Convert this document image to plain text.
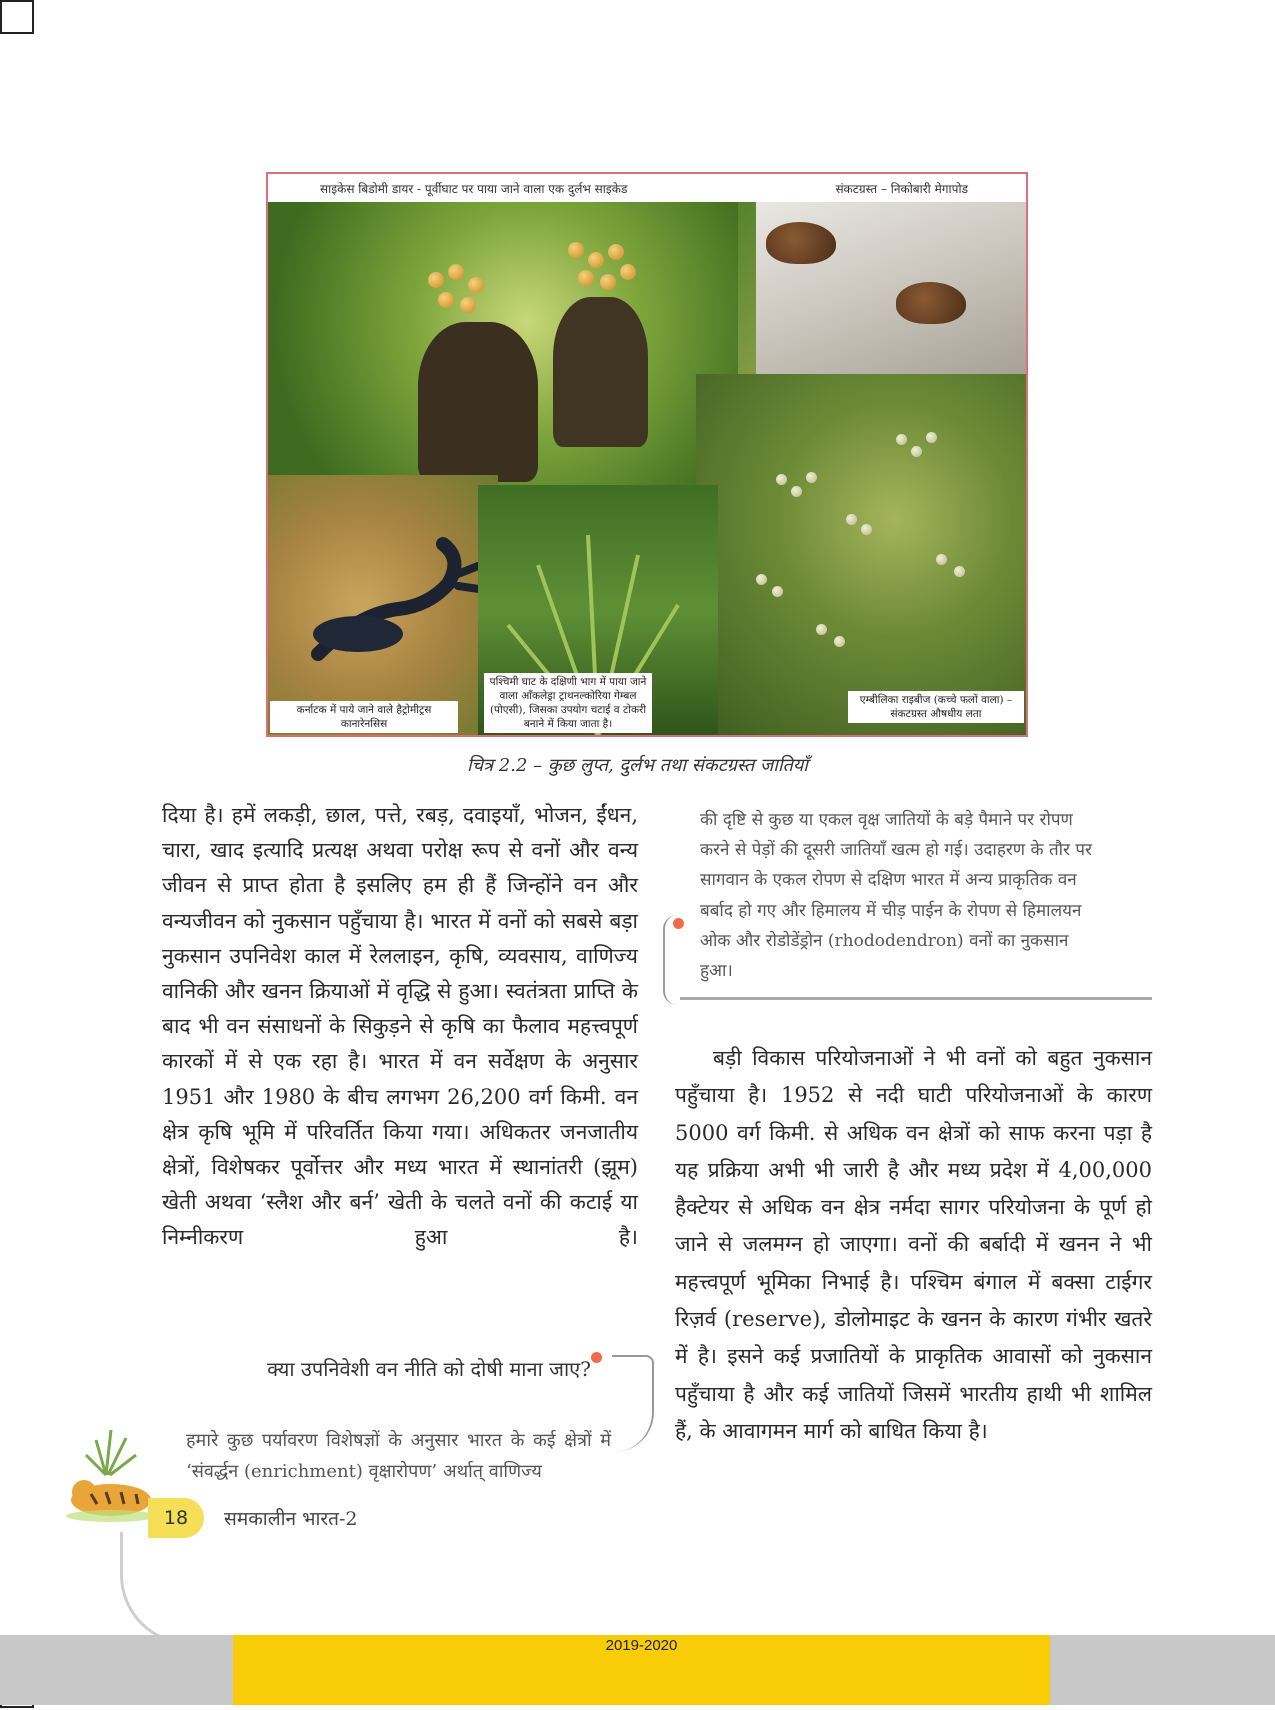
साइकेस बिडोमी डायर - पूर्वीघाट पर पाया जाने वाला एक दुर्लभ साइकेड	संकटग्रस्त – निकोबारी मेगापोड
कर्नाटक में पाये जाने वाले हैट्रोमीट्रस कानारेनसिस
पश्चिमी घाट के दक्षिणी भाग में पाया जाने वाला आँकलेड्रा ट्राथनल्कोरिया गेम्बल (पोएसी), जिसका उपयोग चटाई व टोकरी बनाने में किया जाता है।
एम्बीलिका राइबीज (कच्चे फलों वाला) – संकटग्रस्त औषधीय लता
चित्र 2.2 – कुछ लुप्त, दुर्लभ तथा संकटग्रस्त जातियाँ

दिया है। हमें लकड़ी, छाल, पत्ते, रबड़, दवाइयाँ, भोजन, ईंधन, चारा, खाद इत्यादि प्रत्यक्ष अथवा परोक्ष रूप से वनों और वन्य जीवन से प्राप्त होता है इसलिए हम ही हैं जिन्होंने वन और वन्यजीवन को नुकसान पहुँचाया है। भारत में वनों को सबसे बड़ा नुकसान उपनिवेश काल में रेललाइन, कृषि, व्यवसाय, वाणिज्य वानिकी और खनन क्रियाओं में वृद्धि से हुआ। स्वतंत्रता प्राप्ति के बाद भी वन संसाधनों के सिकुड़ने से कृषि का फैलाव महत्त्वपूर्ण कारकों में से एक रहा है। भारत में वन सर्वेक्षण के अनुसार 1951 और 1980 के बीच लगभग 26,200 वर्ग किमी. वन क्षेत्र कृषि भूमि में परिवर्तित किया गया। अधिकतर जनजातीय क्षेत्रों, विशेषकर पूर्वोत्तर और मध्य भारत में स्थानांतरी (झूम) खेती अथवा ‘स्लैश और बर्न’ खेती के चलते वनों की कटाई या निम्नीकरण हुआ है।

की दृष्टि से कुछ या एकल वृक्ष जातियों के बड़े पैमाने पर रोपण करने से पेड़ों की दूसरी जातियाँ खत्म हो गई। उदाहरण के तौर पर सागवान के एकल रोपण से दक्षिण भारत में अन्य प्राकृतिक वन बर्बाद हो गए और हिमालय में चीड़ पाईन के रोपण से हिमालयन ओक और रोडोडेंड्रोन (rhododendron) वनों का नुकसान हुआ।

बड़ी विकास परियोजनाओं ने भी वनों को बहुत नुकसान पहुँचाया है। 1952 से नदी घाटी परियोजनाओं के कारण 5000 वर्ग किमी. से अधिक वन क्षेत्रों को साफ करना पड़ा है यह प्रक्रिया अभी भी जारी है और मध्य प्रदेश में 4,00,000 हैक्टेयर से अधिक वन क्षेत्र नर्मदा सागर परियोजना के पूर्ण हो जाने से जलमग्न हो जाएगा। वनों की बर्बादी में खनन ने भी महत्त्वपूर्ण भूमिका निभाई है। पश्चिम बंगाल में बक्सा टाईगर रिज़र्व (reserve), डोलोमाइट के खनन के कारण गंभीर खतरे में है। इसने कई प्रजातियों के प्राकृतिक आवासों को नुकसान पहुँचाया है और कई जातियों जिसमें भारतीय हाथी भी शामिल हैं, के आवागमन मार्ग को बाधित किया है।

क्या उपनिवेशी वन नीति को दोषी माना जाए?
हमारे कुछ पर्यावरण विशेषज्ञों के अनुसार भारत के कई क्षेत्रों में ‘संवर्द्धन (enrichment) वृक्षारोपण’ अर्थात् वाणिज्य
18	समकालीन भारत-2
2019-2020
